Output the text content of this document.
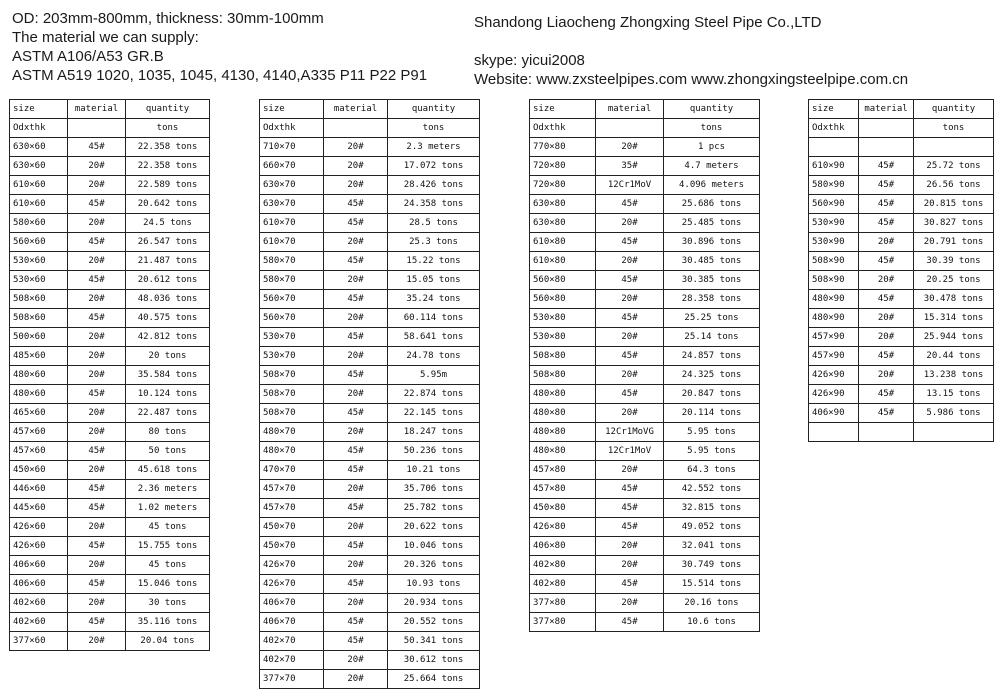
OD: 203mm-800mm, thickness: 30mm-100mm
The material we can supply:
ASTM A106/A53 GR.B
ASTM A519 1020, 1035, 1045, 4130, 4140,A335 P11 P22 P91
Shandong Liaocheng Zhongxing Steel Pipe Co.,LTD
skype: yicui2008
Website: www.zxsteelpipes.com www.zhongxingsteelpipe.com.cn
size	material	quantity
Odxthk		tons
630×60	45#	22.358 tons
630×60	20#	22.358 tons
610×60	20#	22.589 tons
610×60	45#	20.642 tons
580×60	20#	24.5 tons
560×60	45#	26.547 tons
530×60	20#	21.487 tons
530×60	45#	20.612 tons
508×60	20#	48.036 tons
508×60	45#	40.575 tons
500×60	20#	42.812 tons
485×60	20#	20 tons
480×60	20#	35.584 tons
480×60	45#	10.124 tons
465×60	20#	22.487 tons
457×60	20#	80 tons
457×60	45#	50 tons
450×60	20#	45.618 tons
446×60	45#	2.36 meters
445×60	45#	1.02 meters
426×60	20#	45 tons
426×60	45#	15.755 tons
406×60	20#	45 tons
406×60	45#	15.046 tons
402×60	20#	30 tons
402×60	45#	35.116 tons
377×60	20#	20.04 tons
size	material	quantity
Odxthk		tons
710×70	20#	2.3 meters
660×70	20#	17.072 tons
630×70	20#	28.426 tons
630×70	45#	24.358 tons
610×70	45#	28.5 tons
610×70	20#	25.3 tons
580×70	45#	15.22 tons
580×70	20#	15.05 tons
560×70	45#	35.24 tons
560×70	20#	60.114 tons
530×70	45#	58.641 tons
530×70	20#	24.78 tons
508×70	45#	5.95m
508×70	20#	22.874 tons
508×70	45#	22.145 tons
480×70	20#	18.247 tons
480×70	45#	50.236 tons
470×70	45#	10.21 tons
457×70	20#	35.706 tons
457×70	45#	25.782 tons
450×70	20#	20.622 tons
450×70	45#	10.046 tons
426×70	20#	20.326 tons
426×70	45#	10.93 tons
406×70	20#	20.934 tons
406×70	45#	20.552 tons
402×70	45#	50.341 tons
402×70	20#	30.612 tons
377×70	20#	25.664 tons
size	material	quantity
Odxthk		tons
770×80	20#	1 pcs
720×80	35#	4.7 meters
720×80	12Cr1MoV	4.096 meters
630×80	45#	25.686 tons
630×80	20#	25.485 tons
610×80	45#	30.896 tons
610×80	20#	30.485 tons
560×80	45#	30.385 tons
560×80	20#	28.358 tons
530×80	45#	25.25 tons
530×80	20#	25.14 tons
508×80	45#	24.857 tons
508×80	20#	24.325 tons
480×80	45#	20.847 tons
480×80	20#	20.114 tons
480×80	12Cr1MoVG	5.95 tons
480×80	12Cr1MoV	5.95 tons
457×80	20#	64.3 tons
457×80	45#	42.552 tons
450×80	45#	32.815 tons
426×80	45#	49.052 tons
406×80	20#	32.041 tons
402×80	20#	30.749 tons
402×80	45#	15.514 tons
377×80	20#	20.16 tons
377×80	45#	10.6 tons
size	material	quantity
Odxthk		tons

610×90	45#	25.72 tons
580×90	45#	26.56 tons
560×90	45#	20.815 tons
530×90	45#	30.827 tons
530×90	20#	20.791 tons
508×90	45#	30.39 tons
508×90	20#	20.25 tons
480×90	45#	30.478 tons
480×90	20#	15.314 tons
457×90	20#	25.944 tons
457×90	45#	20.44 tons
426×90	20#	13.238 tons
426×90	45#	13.15 tons
406×90	45#	5.986 tons
